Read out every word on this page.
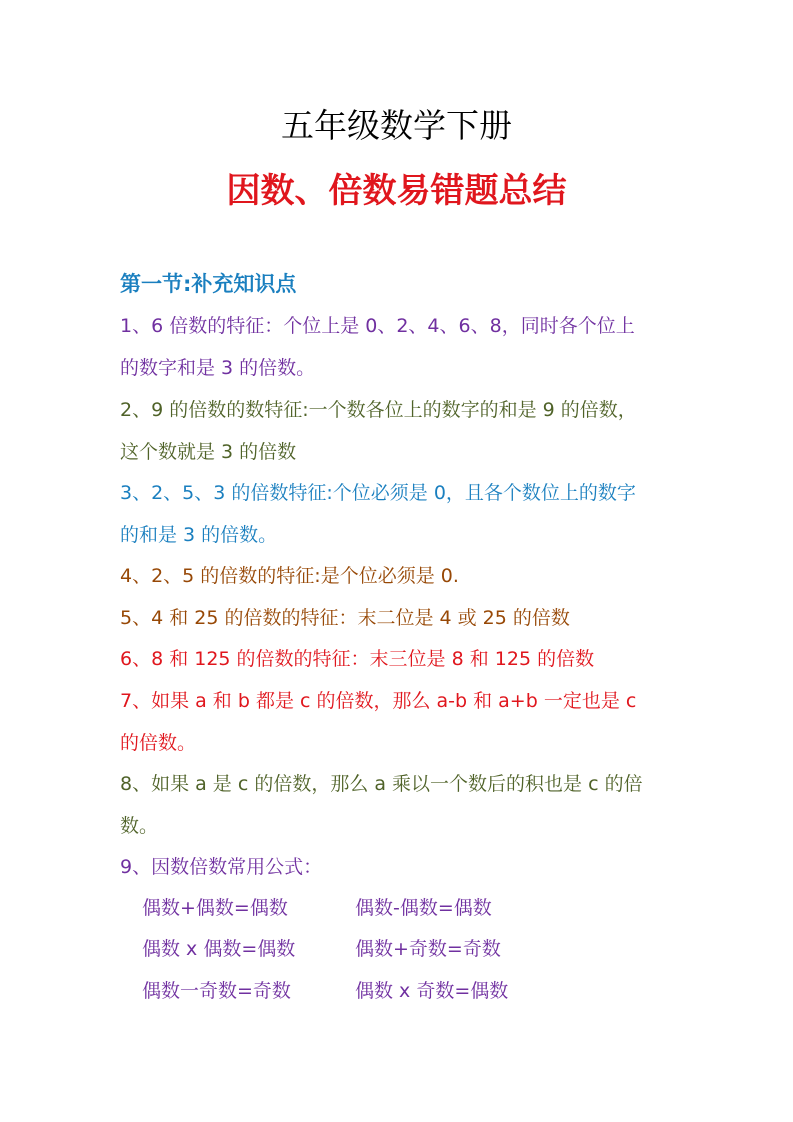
五年级数学下册
因数、倍数易错题总结
第一节:补充知识点
1、6 倍数的特征：个位上是 0、2、4、6、8，同时各个位上
的数字和是 3 的倍数。
2、9 的倍数的数特征:一个数各位上的数字的和是 9 的倍数，
这个数就是 3 的倍数
3、2、5、3 的倍数特征:个位必须是 0，且各个数位上的数字
的和是 3 的倍数。
4、2、5 的倍数的特征:是个位必须是 0.
5、4 和 25 的倍数的特征：末二位是 4 或 25 的倍数
6、8 和 125 的倍数的特征：末三位是 8 和 125 的倍数
7、如果 a 和 b 都是 c 的倍数，那么 a-b 和 a+b 一定也是 c
的倍数。
8、如果 a 是 c 的倍数，那么 a 乘以一个数后的积也是 c 的倍
数。
9、因数倍数常用公式：
偶数+偶数=偶数	偶数-偶数=偶数
偶数 x 偶数=偶数	偶数+奇数=奇数
偶数一奇数=奇数	偶数 x 奇数=偶数
